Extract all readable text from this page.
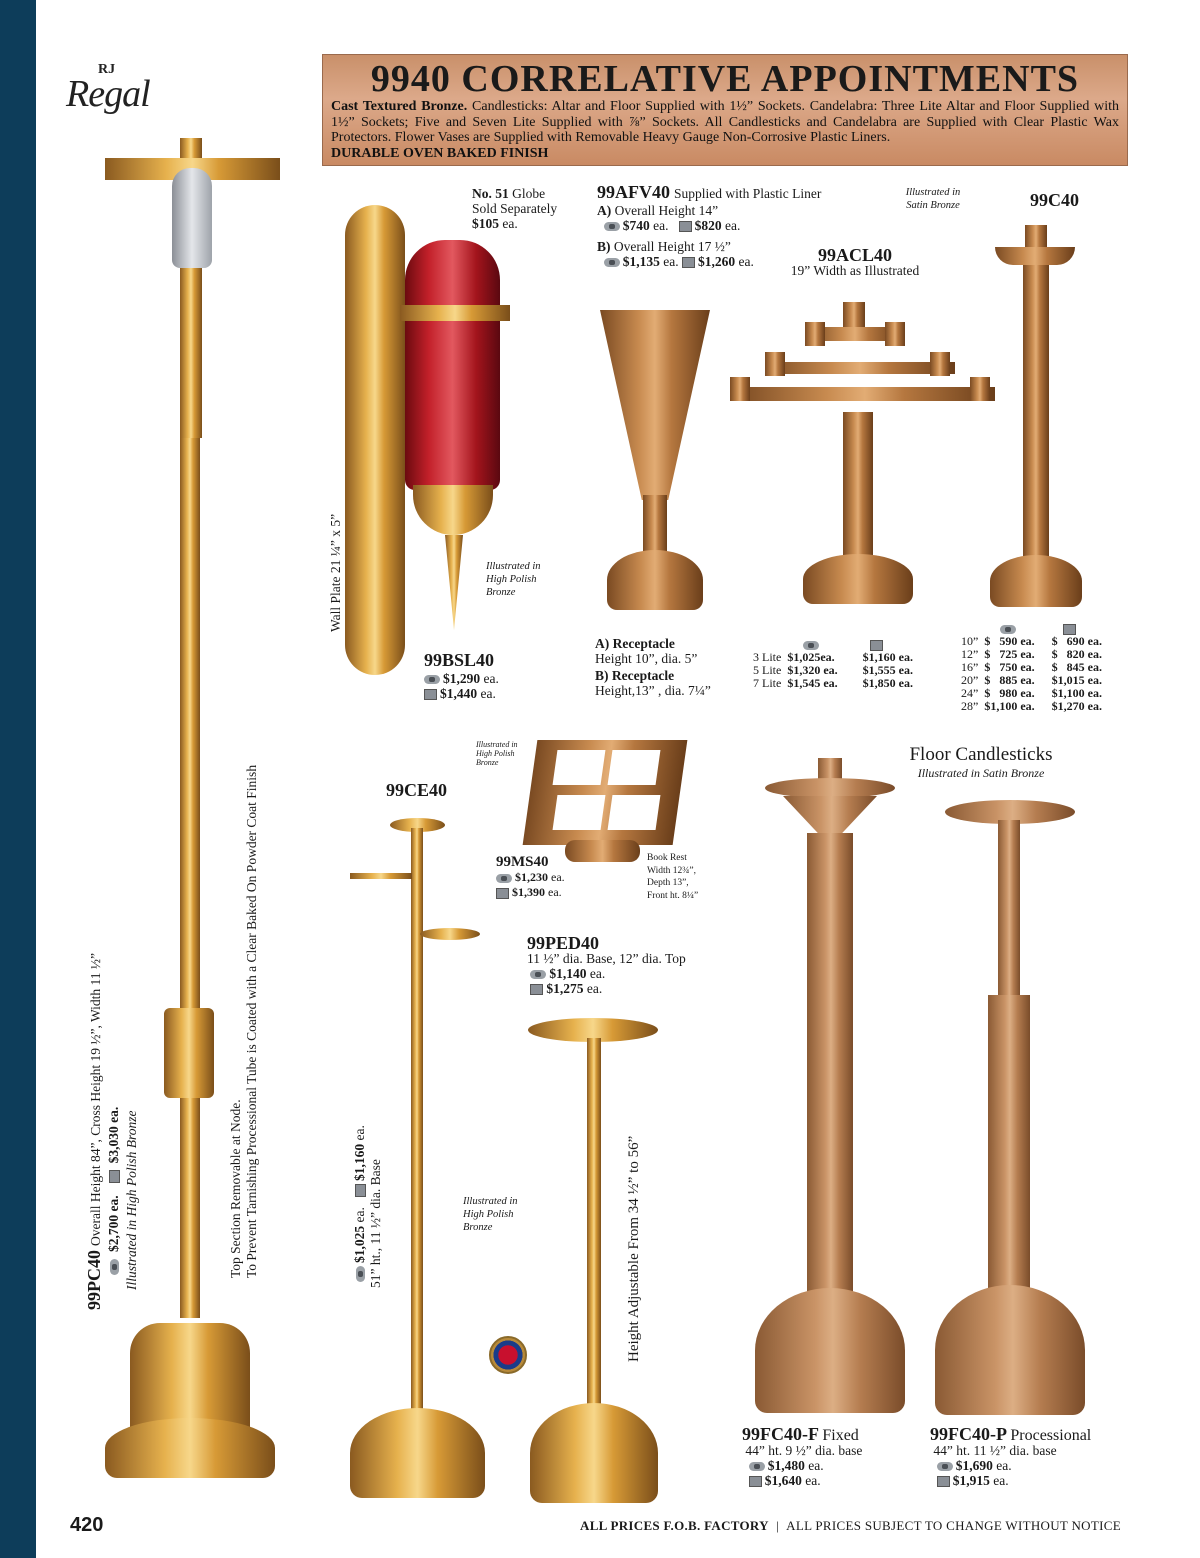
RJ
Regal	9940 CORRELATIVE APPOINTMENTS
Cast Textured Bronze. Candlesticks: Altar and Floor Supplied with 1½” Sockets. Candelabra: Three Lite Altar and Floor Supplied with 1½” Sockets; Five and Seven Lite Supplied with ⅞” Sockets. All Candlesticks and Candelabra are Supplied with Clear Plastic Wax Protectors. Flower Vases are Supplied with Removable Heavy Gauge Non-Corrosive Plastic Liners.
DURABLE OVEN BAKED FINISH
99PC40 Overall Height 84”, Cross Height 19 ½”, Width 11 ½” $2,700 ea.    $3,030 ea. Illustrated in High Polish Bronze	Top Section Removable at Node. To Prevent Tarnishing Processional Tube is Coated with a Clear Baked On Powder Coat Finish
No. 51 Globe
Sold Separately
$105 ea.
Wall Plate 21 ¼” x 5”	Illustrated in High Polish Bronze
99BSL40
$1,290 ea.
$1,440 ea.
99AFV40 Supplied with Plastic Liner
A) Overall Height 14”
$740 ea. $820 ea.
B) Overall Height 17 ½”
$1,135 ea. $1,260 ea.
A) Receptacle
Height 10”, dia. 5”
B) Receptacle
Height,13” , dia. 7¼”
99ACL40
19” Width as Illustrated
Illustrated in Satin Bronze

3 Lite	$1,025ea.	$1,160 ea.
5 Lite	$1,320 ea.	$1,555 ea.
7 Lite	$1,545 ea.	$1,850 ea.
99C40

10”	$   590 ea.	$   690 ea.
12”	$   725 ea.	$   820 ea.
16”	$   750 ea.	$   845 ea.
20”	$   885 ea.	$1,015 ea.
24”	$   980 ea.	$1,100 ea.
28”	$1,100 ea.	$1,270 ea.
99CE40
$1,025 ea.   $1,160 ea.
51” ht., 11 ½” dia. Base
Illustrated in High Polish Bronze
99MS40
$1,230 ea.
$1,390 ea.
Book Rest
Width 12¾”,
Depth 13”,
Front ht. 8¼”
99PED40
11 ½” dia. Base, 12” dia. Top
$1,140 ea.
$1,275 ea.
Height Adjustable From 34 ½” to 56”
Illustrated in High Polish Bronze
Floor Candlesticks
Illustrated in Satin Bronze
99FC40-F Fixed
44” ht. 9 ½” dia. base
$1,480 ea.
$1,640 ea.
99FC40-P Processional
44” ht. 11 ½” dia. base
$1,690 ea.
$1,915 ea.
420	ALL PRICES F.O.B. FACTORY | ALL PRICES SUBJECT TO CHANGE WITHOUT NOTICE
